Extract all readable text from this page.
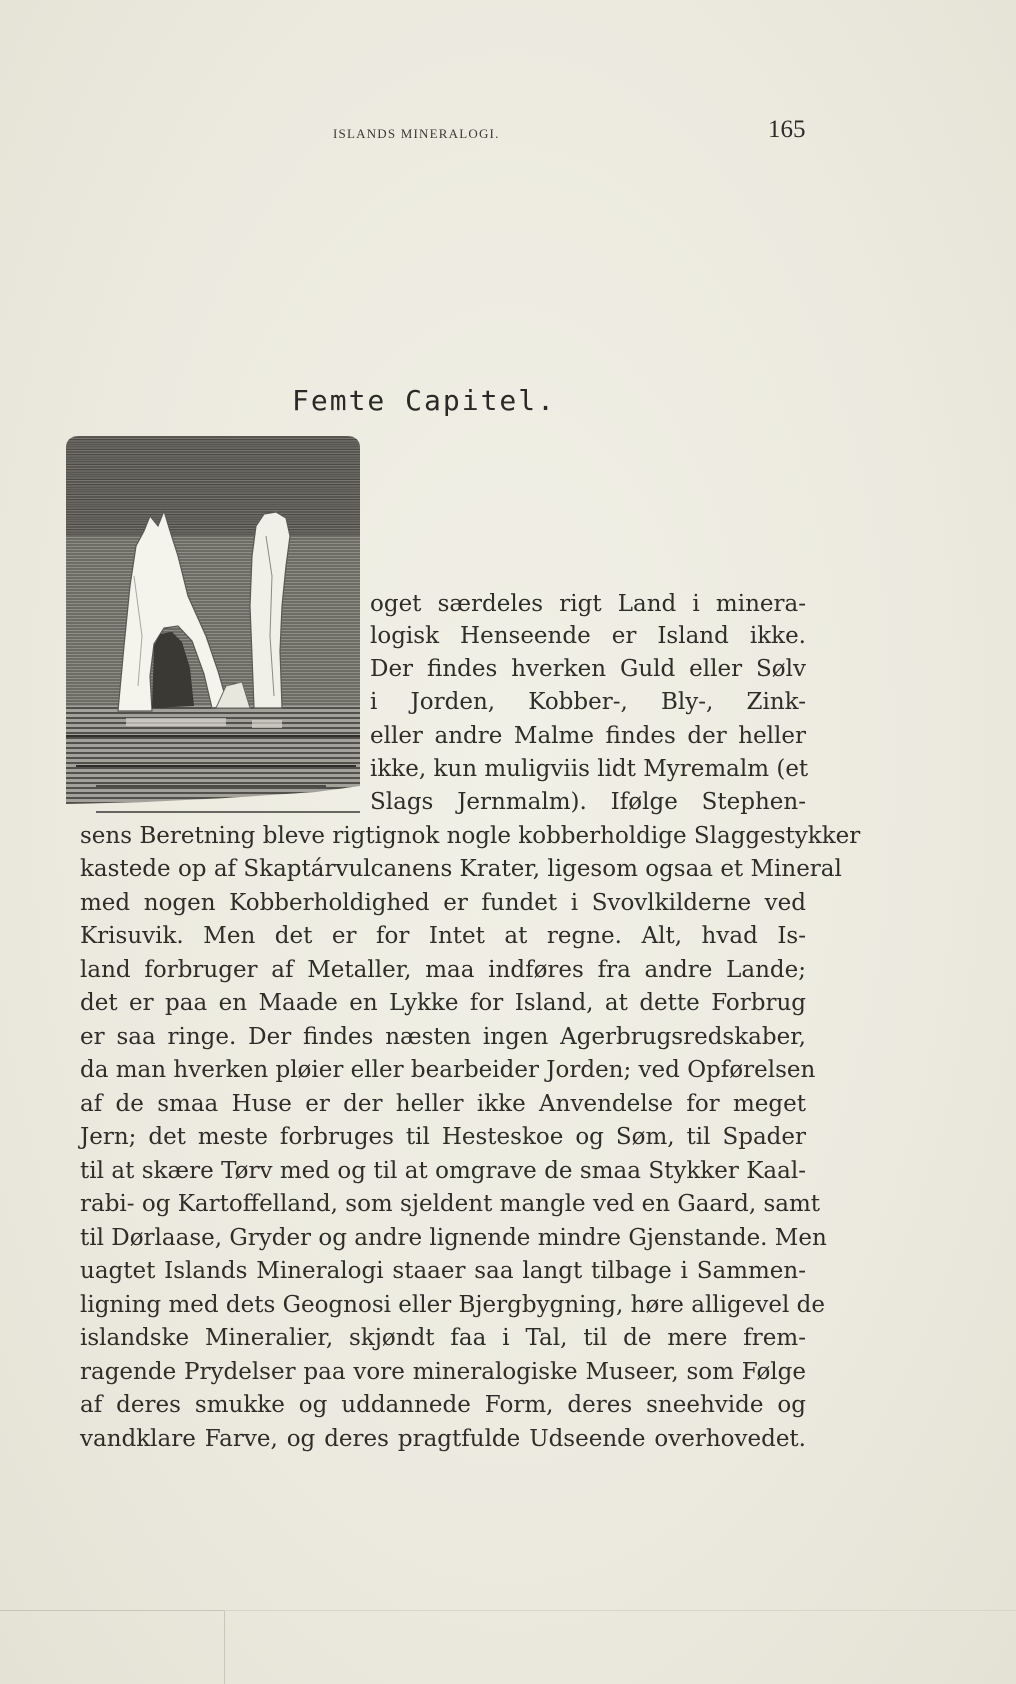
ISLANDS MINERALOGI.	165
Femte Capitel.
oget særdeles rigt Land i minera-
logisk Henseende er Island ikke.
Der findes hverken Guld eller Sølv
i Jorden, Kobber-, Bly-, Zink-
eller andre Malme findes der heller
ikke, kun muligviis lidt Myremalm (et
Slags Jernmalm). Ifølge Stephen-
sens Beretning bleve rigtignok nogle kobberholdige Slaggestykker
kastede op af Skaptárvulcanens Krater, ligesom ogsaa et Mineral
med nogen Kobberholdighed er fundet i Svovlkilderne ved
Krisuvik. Men det er for Intet at regne. Alt, hvad Is-
land forbruger af Metaller, maa indføres fra andre Lande;
det er paa en Maade en Lykke for Island, at dette Forbrug
er saa ringe. Der findes næsten ingen Agerbrugsredskaber,
da man hverken pløier eller bearbeider Jorden; ved Opførelsen
af de smaa Huse er der heller ikke Anvendelse for meget
Jern; det meste forbruges til Hesteskoe og Søm, til Spader
til at skære Tørv med og til at omgrave de smaa Stykker Kaal-
rabi- og Kartoffelland, som sjeldent mangle ved en Gaard, samt
til Dørlaase, Gryder og andre lignende mindre Gjenstande. Men
uagtet Islands Mineralogi staaer saa langt tilbage i Sammen-
ligning med dets Geognosi eller Bjergbygning, høre alligevel de
islandske Mineralier, skjøndt faa i Tal, til de mere frem-
ragende Prydelser paa vore mineralogiske Museer, som Følge
af deres smukke og uddannede Form, deres sneehvide og
vandklare Farve, og deres pragtfulde Udseende overhovedet.
